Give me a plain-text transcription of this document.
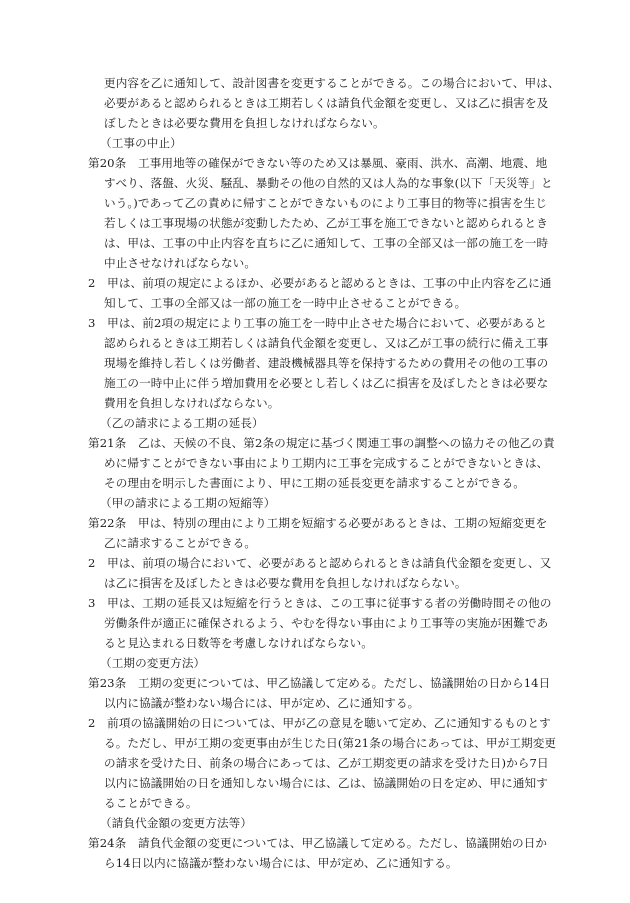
更内容を乙に通知して、設計図書を変更することができる。この場合において、甲は、
必要があると認められるときは工期若しくは請負代金額を変更し、又は乙に損害を及
ぼしたときは必要な費用を負担しなければならない。
（工事の中止）
第20条　工事用地等の確保ができない等のため又は暴風、豪雨、洪水、高潮、地震、地
すべり、落盤、火災、騒乱、暴動その他の自然的又は人為的な事象(以下「天災等」と
いう。)であって乙の責めに帰すことができないものにより工事目的物等に損害を生じ
若しくは工事現場の状態が変動したため、乙が工事を施工できないと認められるとき
は、甲は、工事の中止内容を直ちに乙に通知して、工事の全部又は一部の施工を一時
中止させなければならない。
2　甲は、前項の規定によるほか、必要があると認めるときは、工事の中止内容を乙に通
知して、工事の全部又は一部の施工を一時中止させることができる。
3　甲は、前2項の規定により工事の施工を一時中止させた場合において、必要があると
認められるときは工期若しくは請負代金額を変更し、又は乙が工事の続行に備え工事
現場を維持し若しくは労働者、建設機械器具等を保持するための費用その他の工事の
施工の一時中止に伴う増加費用を必要とし若しくは乙に損害を及ぼしたときは必要な
費用を負担しなければならない。
（乙の請求による工期の延長）
第21条　乙は、天候の不良、第2条の規定に基づく関連工事の調整への協力その他乙の責
めに帰すことができない事由により工期内に工事を完成することができないときは、
その理由を明示した書面により、甲に工期の延長変更を請求することができる。
（甲の請求による工期の短縮等）
第22条　甲は、特別の理由により工期を短縮する必要があるときは、工期の短縮変更を
乙に請求することができる。
2　甲は、前項の場合において、必要があると認められるときは請負代金額を変更し、又
は乙に損害を及ぼしたときは必要な費用を負担しなければならない。
3　甲は、工期の延長又は短縮を行うときは、この工事に従事する者の労働時間その他の
労働条件が適正に確保されるよう、やむを得ない事由により工事等の実施が困難であ
ると見込まれる日数等を考慮しなければならない。
（工期の変更方法）
第23条　工期の変更については、甲乙協議して定める。ただし、協議開始の日から14日
以内に協議が整わない場合には、甲が定め、乙に通知する。
2　前項の協議開始の日については、甲が乙の意見を聴いて定め、乙に通知するものとす
る。ただし、甲が工期の変更事由が生じた日(第21条の場合にあっては、甲が工期変更
の請求を受けた日、前条の場合にあっては、乙が工期変更の請求を受けた日)から7日
以内に協議開始の日を通知しない場合には、乙は、協議開始の日を定め、甲に通知す
ることができる。
（請負代金額の変更方法等）
第24条　請負代金額の変更については、甲乙協議して定める。ただし、協議開始の日か
ら14日以内に協議が整わない場合には、甲が定め、乙に通知する。
